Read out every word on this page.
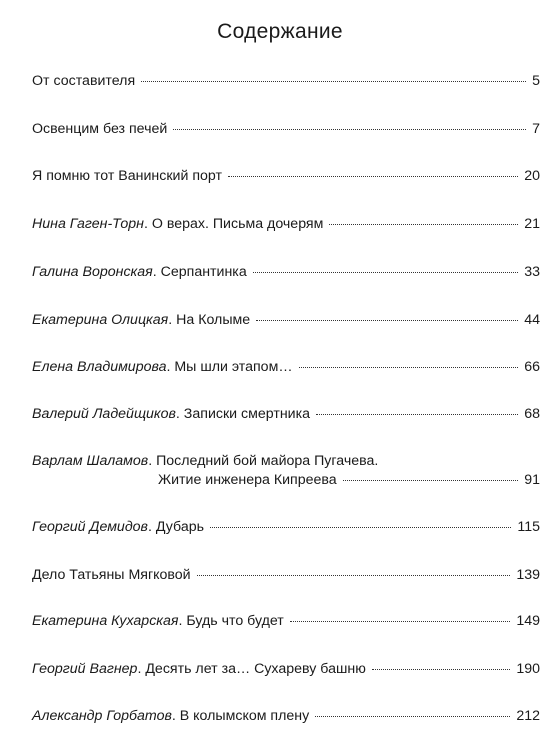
Содержание
От составителя	5
Освенцим без печей	7
Я помню тот Ванинский порт	20
Нина Гаген-Торн . О верах. Письма дочерям	21
Галина Воронская . Серпантинка	33
Екатерина Олицкая . На Колыме	44
Елена Владимирова . Мы шли этапом…	66
Валерий Ладейщиков . Записки смертника	68
Варлам Шаламов . Последний бой майора Пугачева.
Житие инженера Кипреева	91
Георгий Демидов . Дубарь	115
Дело Татьяны Мягковой	139
Екатерина Кухарская . Будь что будет	149
Георгий Вагнер . Десять лет за… Сухареву башню	190
Александр Горбатов . В колымском плену	212
